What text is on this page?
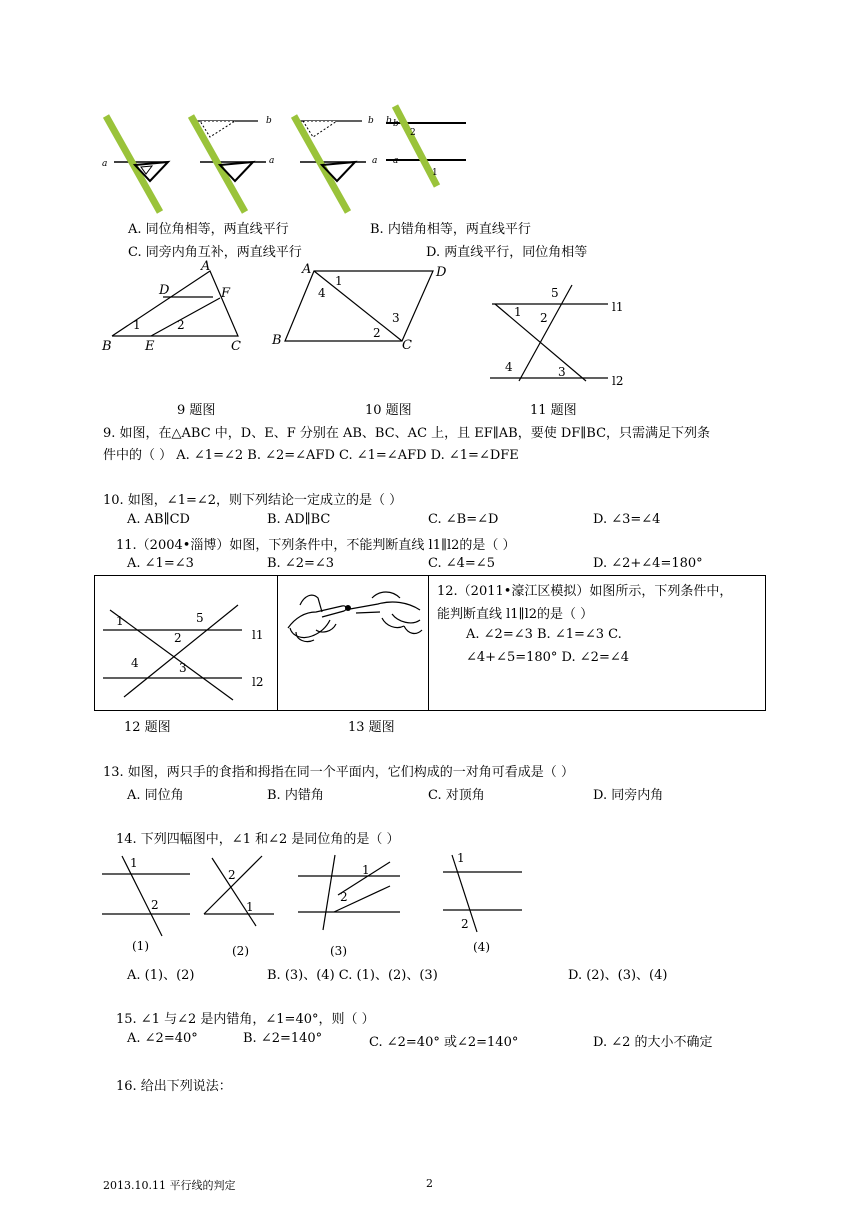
b
a
b
a
b
a
b
a
1
2
A. 同位角相等，两直线平行	B. 内错角相等，两直线平行
C. 同旁内角互补，两直线平行	D. 两直线平行，同位角相等
A
D	F
1	2
B	E	C
A
1
4
D
2
3
B	C
5
1 2
l1
4	3
l2
9 题图	10 题图	11 题图
9. 如图，在△ABC 中，D、E、F 分别在 AB、BC、AC 上，且 EF∥AB，要使 DF∥BC，只需满足下列条
件中的（ ） A. ∠1=∠2 B. ∠2=∠AFD C. ∠1=∠AFD D. ∠1=∠DFE
10. 如图，∠1=∠2，则下列结论一定成立的是（ ）
A. AB∥CD	B. AD∥BC	C. ∠B=∠D	D. ∠3=∠4
11.（2004•淄博）如图，下列条件中，不能判断直线 l1∥l2的是（ ）
A. ∠1=∠3	B. ∠2=∠3	C. ∠4=∠5	D. ∠2+∠4=180°
1	5
2	l1
4	3
l2
12.（2011•濠江区模拟）如图所示，下列条件中，
能判断直线 l1∥l2的是（ ）
A. ∠2=∠3 B. ∠1=∠3 C.
∠4+∠5=180° D. ∠2=∠4
12 题图	13 题图
13. 如图，两只手的食指和拇指在同一个平面内，它们构成的一对角可看成是（ ）
A. 同位角	B. 内错角	C. 对顶角	D. 同旁内角
14. 下列四幅图中，∠1 和∠2 是同位角的是（ ）
1
2
2
1
1
2
1
2
(1)	(2)	(3)	(4)
A. (1)、(2)	B. (3)、(4) C. (1)、(2)、(3)	D. (2)、(3)、(4)
15. ∠1 与∠2 是内错角，∠1=40°，则（ ）
A. ∠2=40°	B. ∠2=140°	C. ∠2=40° 或∠2=140°	D. ∠2 的大小不确定
16. 给出下列说法：
2013.10.11 平行线的判定	2
